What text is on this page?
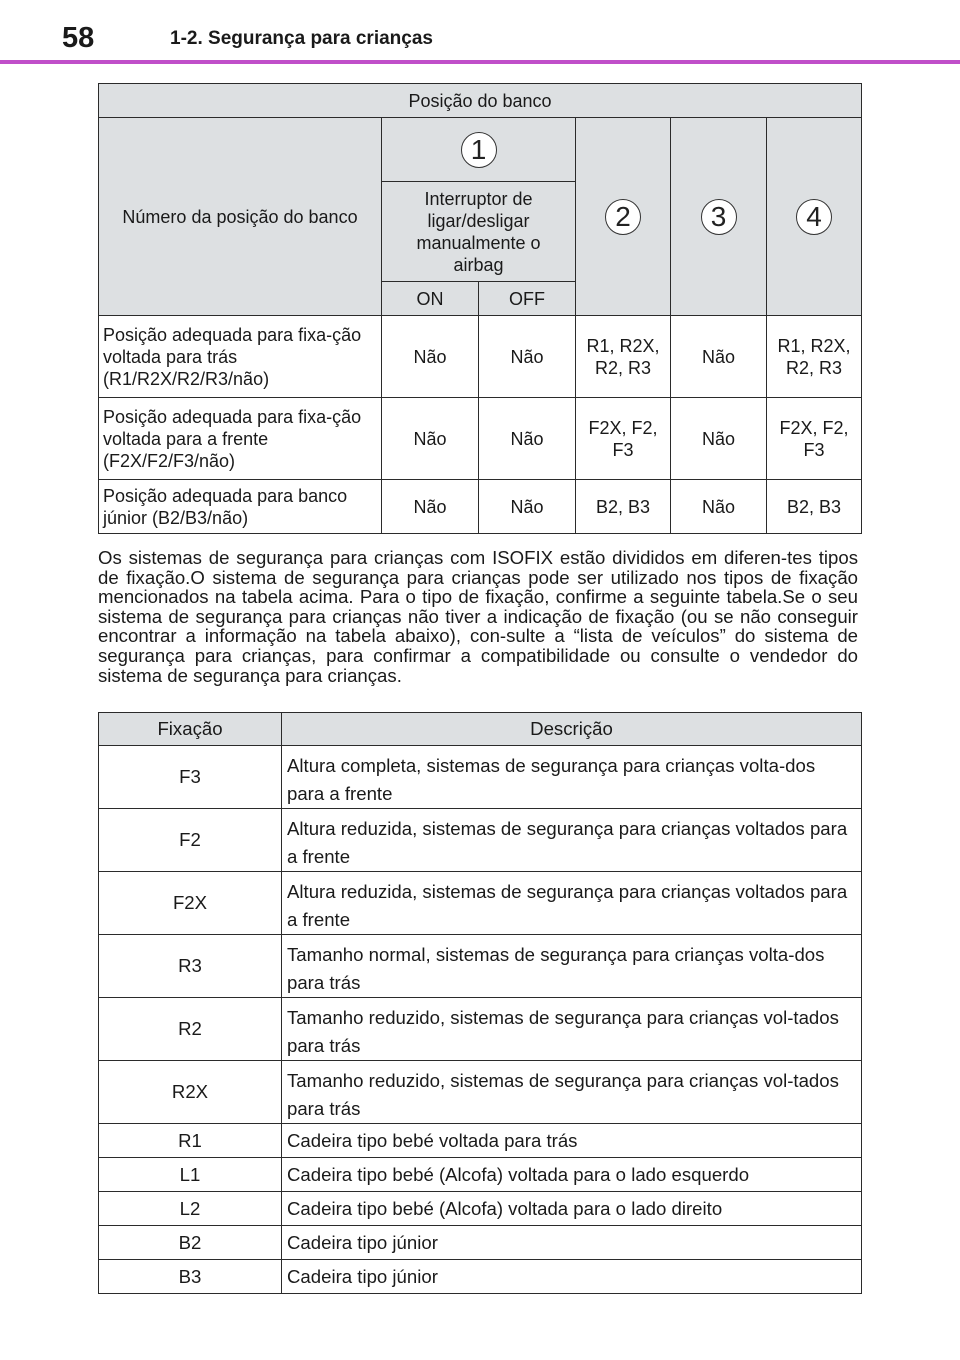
58	1-2. Segurança para crianças
Posição do banco					
Número da posição do banco	1		2	3	4
	Interruptor de ligar/desligar manualmente o airbag				
	ON	OFF			
Posição adequada para fixa-ção voltada para trás (R1/R2X/R2/R3/não)	Não	Não	R1, R2X, R2, R3	Não	R1, R2X, R2, R3
Posição adequada para fixa-ção voltada para a frente (F2X/F2/F3/não)	Não	Não	F2X, F2, F3	Não	F2X, F2, F3
Posição adequada para banco júnior (B2/B3/não)	Não	Não	B2, B3	Não	B2, B3
Os sistemas de segurança para crianças com ISOFIX estão divididos em diferen-tes tipos de fixação.O sistema de segurança para crianças pode ser utilizado nos tipos de fixação mencionados na tabela acima. Para o tipo de fixação, confirme a seguinte tabela.Se o seu sistema de segurança para crianças não tiver a indicação de fixação (ou se não conseguir encontrar a informação na tabela abaixo), con-sulte a “lista de veículos” do sistema de segurança para crianças, para confirmar a compatibilidade ou consulte o vendedor do sistema de segurança para crianças.
Fixação	Descrição
F3	Altura completa, sistemas de segurança para crianças volta-dos para a frente
F2	Altura reduzida, sistemas de segurança para crianças voltados para a frente
F2X	Altura reduzida, sistemas de segurança para crianças voltados para a frente
R3	Tamanho normal, sistemas de segurança para crianças volta-dos para trás
R2	Tamanho reduzido, sistemas de segurança para crianças vol-tados para trás
R2X	Tamanho reduzido, sistemas de segurança para crianças vol-tados para trás
R1	Cadeira tipo bebé voltada para trás
L1	Cadeira tipo bebé (Alcofa) voltada para o lado esquerdo
L2	Cadeira tipo bebé (Alcofa) voltada para o lado direito
B2	Cadeira tipo júnior
B3	Cadeira tipo júnior
